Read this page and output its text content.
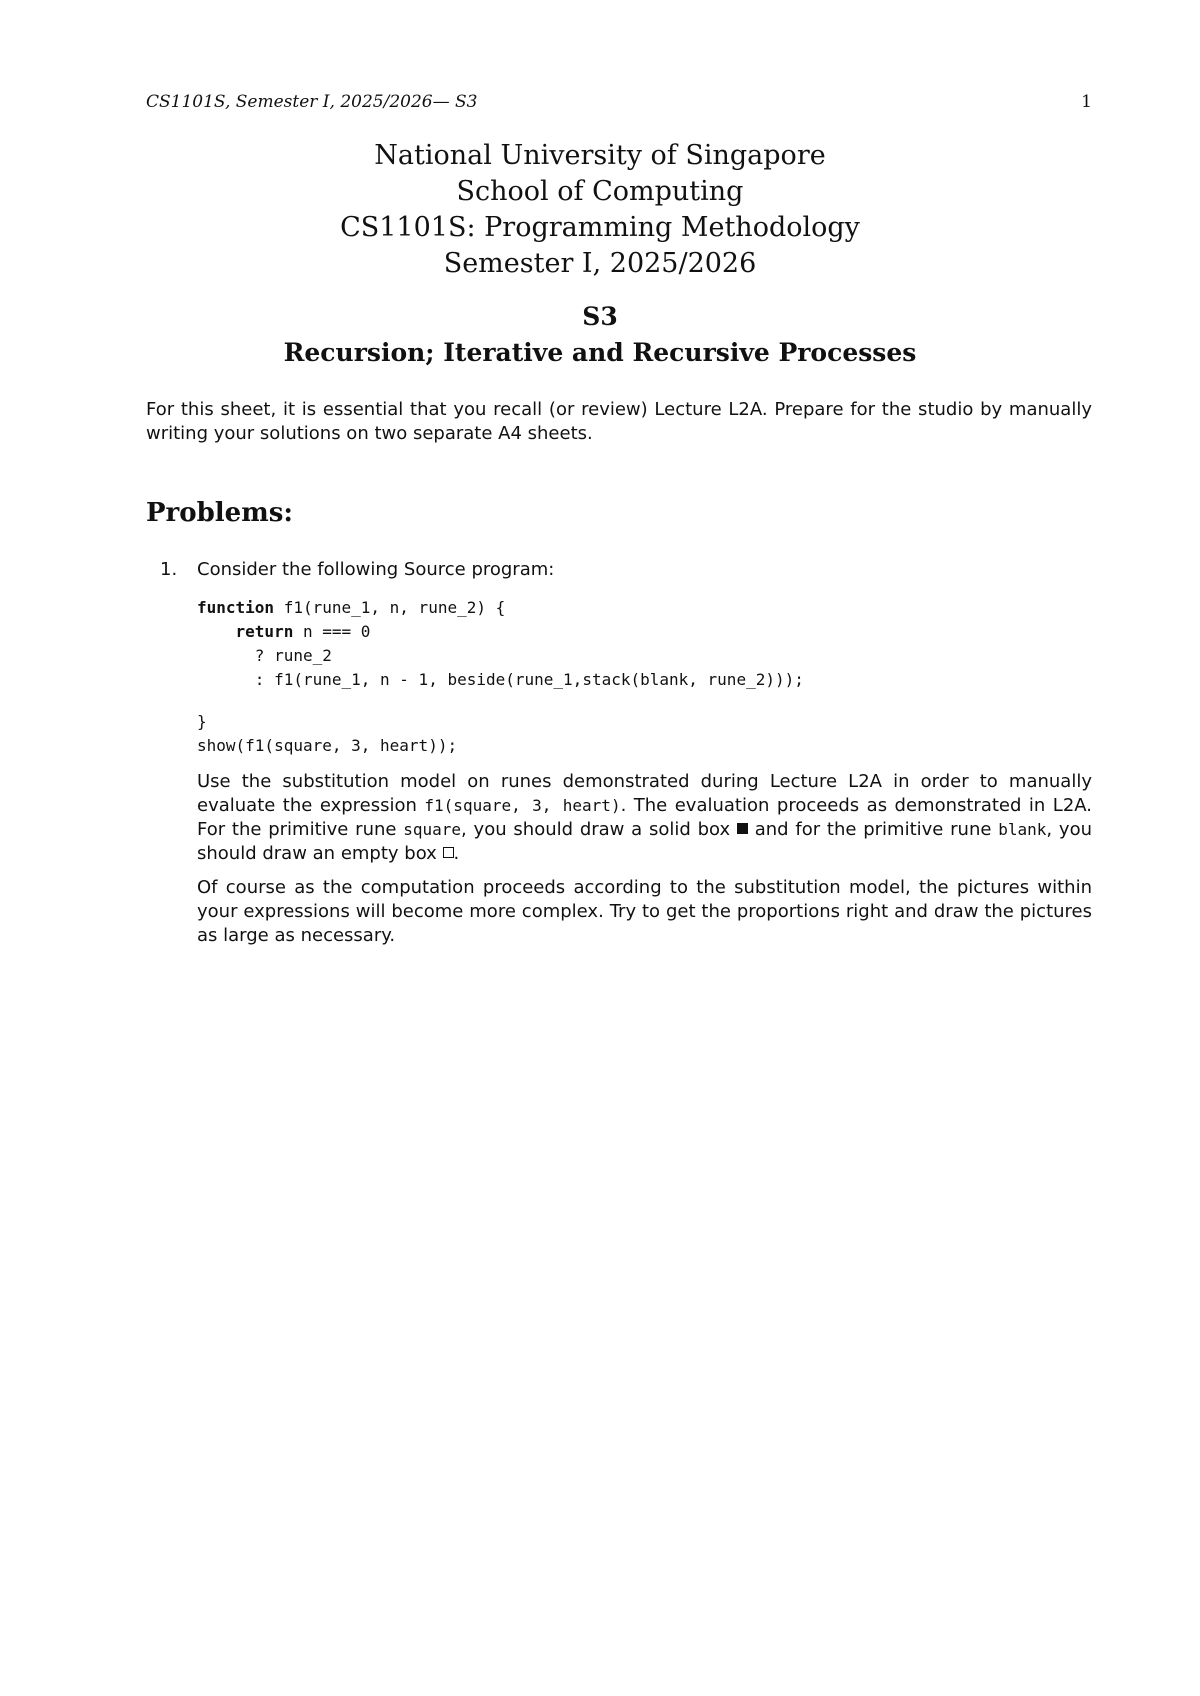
CS1101S, Semester I, 2025/2026— S3	1
National University of Singapore
School of Computing
CS1101S: Programming Methodology
Semester I, 2025/2026
S3
Recursion; Iterative and Recursive Processes
For this sheet, it is essential that you recall (or review) Lecture L2A. Prepare for the studio by manually writing your solutions on two separate A4 sheets.
Problems:
1. Consider the following Source program:
function f1(rune_1, n, rune_2) {
return n === 0
? rune_2
: f1(rune_1, n - 1, beside(rune_1,stack(blank, rune_2)));
}
show(f1(square, 3, heart));
Use the substitution model on runes demonstrated during Lecture L2A in order to manually evaluate the expression f1(square, 3, heart). The evaluation proceeds as demonstrated in L2A. For the primitive rune square, you should draw a solid box  and for the primitive rune blank, you should draw an empty box .
Of course as the computation proceeds according to the substitution model, the pictures within your expressions will become more complex. Try to get the proportions right and draw the pictures as large as necessary.
